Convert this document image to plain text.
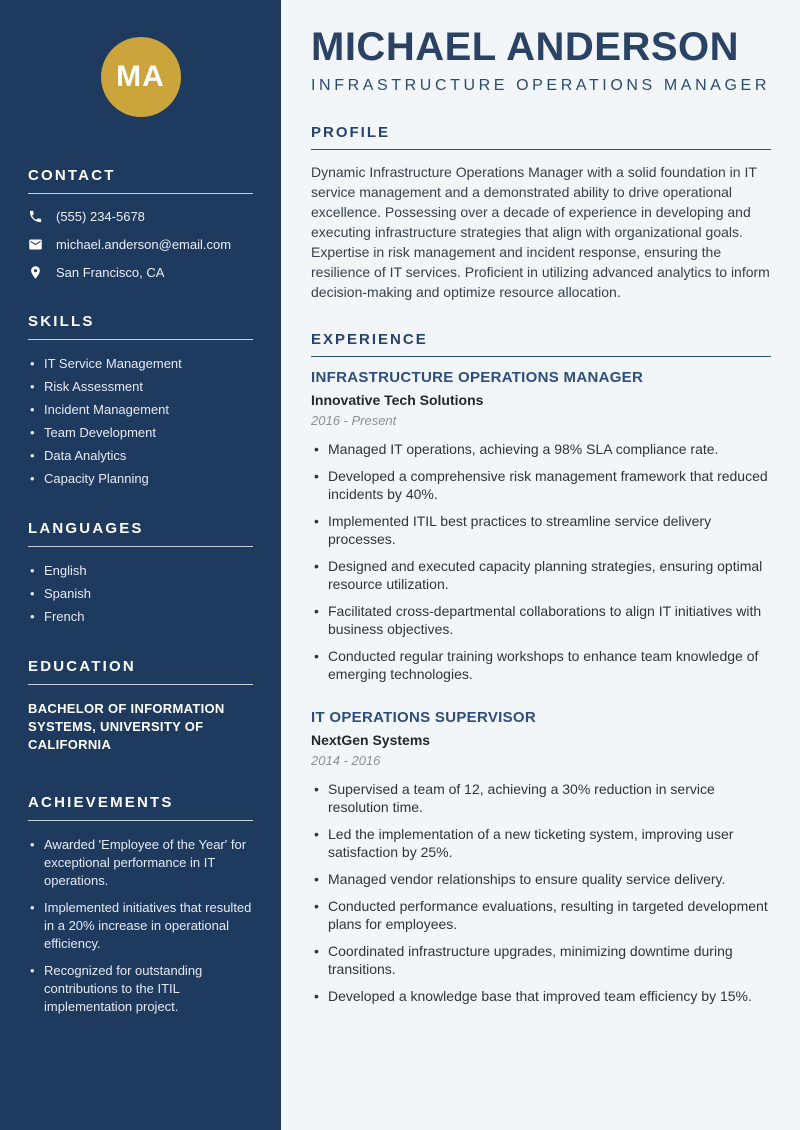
MA
CONTACT
(555) 234-5678
michael.anderson@email.com
San Francisco, CA
SKILLS
• IT Service Management
• Risk Assessment
• Incident Management
• Team Development
• Data Analytics
• Capacity Planning
LANGUAGES
• English
• Spanish
• French
EDUCATION
BACHELOR OF INFORMATION SYSTEMS, UNIVERSITY OF CALIFORNIA
ACHIEVEMENTS
• Awarded 'Employee of the Year' for exceptional performance in IT operations.
• Implemented initiatives that resulted in a 20% increase in operational efficiency.
• Recognized for outstanding contributions to the ITIL implementation project.
MICHAEL ANDERSON
INFRASTRUCTURE OPERATIONS MANAGER
PROFILE

Dynamic Infrastructure Operations Manager with a solid foundation in IT service management and a demonstrated ability to drive operational excellence. Possessing over a decade of experience in developing and executing infrastructure strategies that align with organizational goals. Expertise in risk management and incident response, ensuring the resilience of IT services. Proficient in utilizing advanced analytics to inform decision-making and optimize resource allocation.

EXPERIENCE
INFRASTRUCTURE OPERATIONS MANAGER
Innovative Tech Solutions
2016 - Present
• Managed IT operations, achieving a 98% SLA compliance rate.
• Developed a comprehensive risk management framework that reduced incidents by 40%.
• Implemented ITIL best practices to streamline service delivery processes.
• Designed and executed capacity planning strategies, ensuring optimal resource utilization.
• Facilitated cross-departmental collaborations to align IT initiatives with business objectives.
• Conducted regular training workshops to enhance team knowledge of emerging technologies.
IT OPERATIONS SUPERVISOR
NextGen Systems
2014 - 2016
• Supervised a team of 12, achieving a 30% reduction in service resolution time.
• Led the implementation of a new ticketing system, improving user satisfaction by 25%.
• Managed vendor relationships to ensure quality service delivery.
• Conducted performance evaluations, resulting in targeted development plans for employees.
• Coordinated infrastructure upgrades, minimizing downtime during transitions.
• Developed a knowledge base that improved team efficiency by 15%.
